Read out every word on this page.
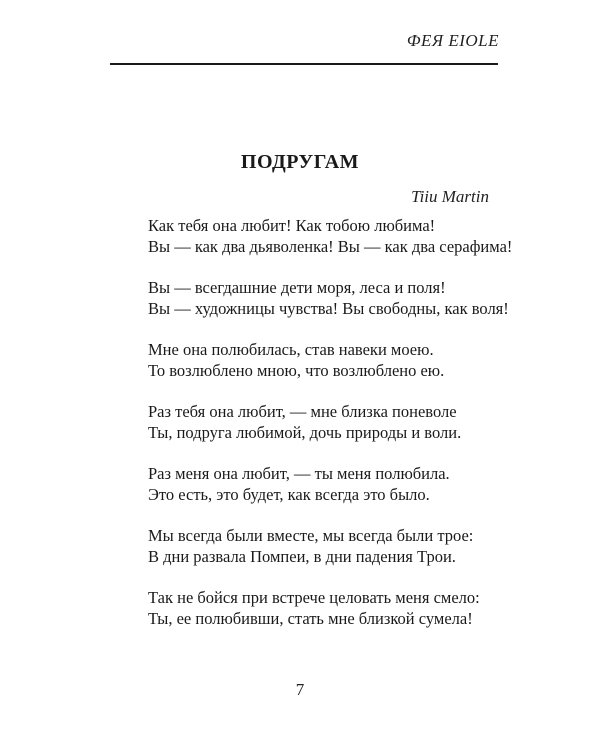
ФЕЯ EIOLE
ПОДРУГАМ
Tiiu Martin
Как тебя она любит! Как тобою любима!
Вы — как два дьяволенка! Вы — как два серафима!
Вы — всегдашние дети моря, леса и поля!
Вы — художницы чувства! Вы свободны, как воля!
Мне она полюбилась, став навеки моею.
То возлюблено мною, что возлюблено ею.
Раз тебя она любит, — мне близка поневоле
Ты, подруга любимой, дочь природы и воли.
Раз меня она любит, — ты меня полюбила.
Это есть, это будет, как всегда это было.
Мы всегда были вместе, мы всегда были трое:
В дни развала Помпеи, в дни падения Трои.
Так не бойся при встрече целовать меня смело:
Ты, ее полюбивши, стать мне близкой сумела!
7
